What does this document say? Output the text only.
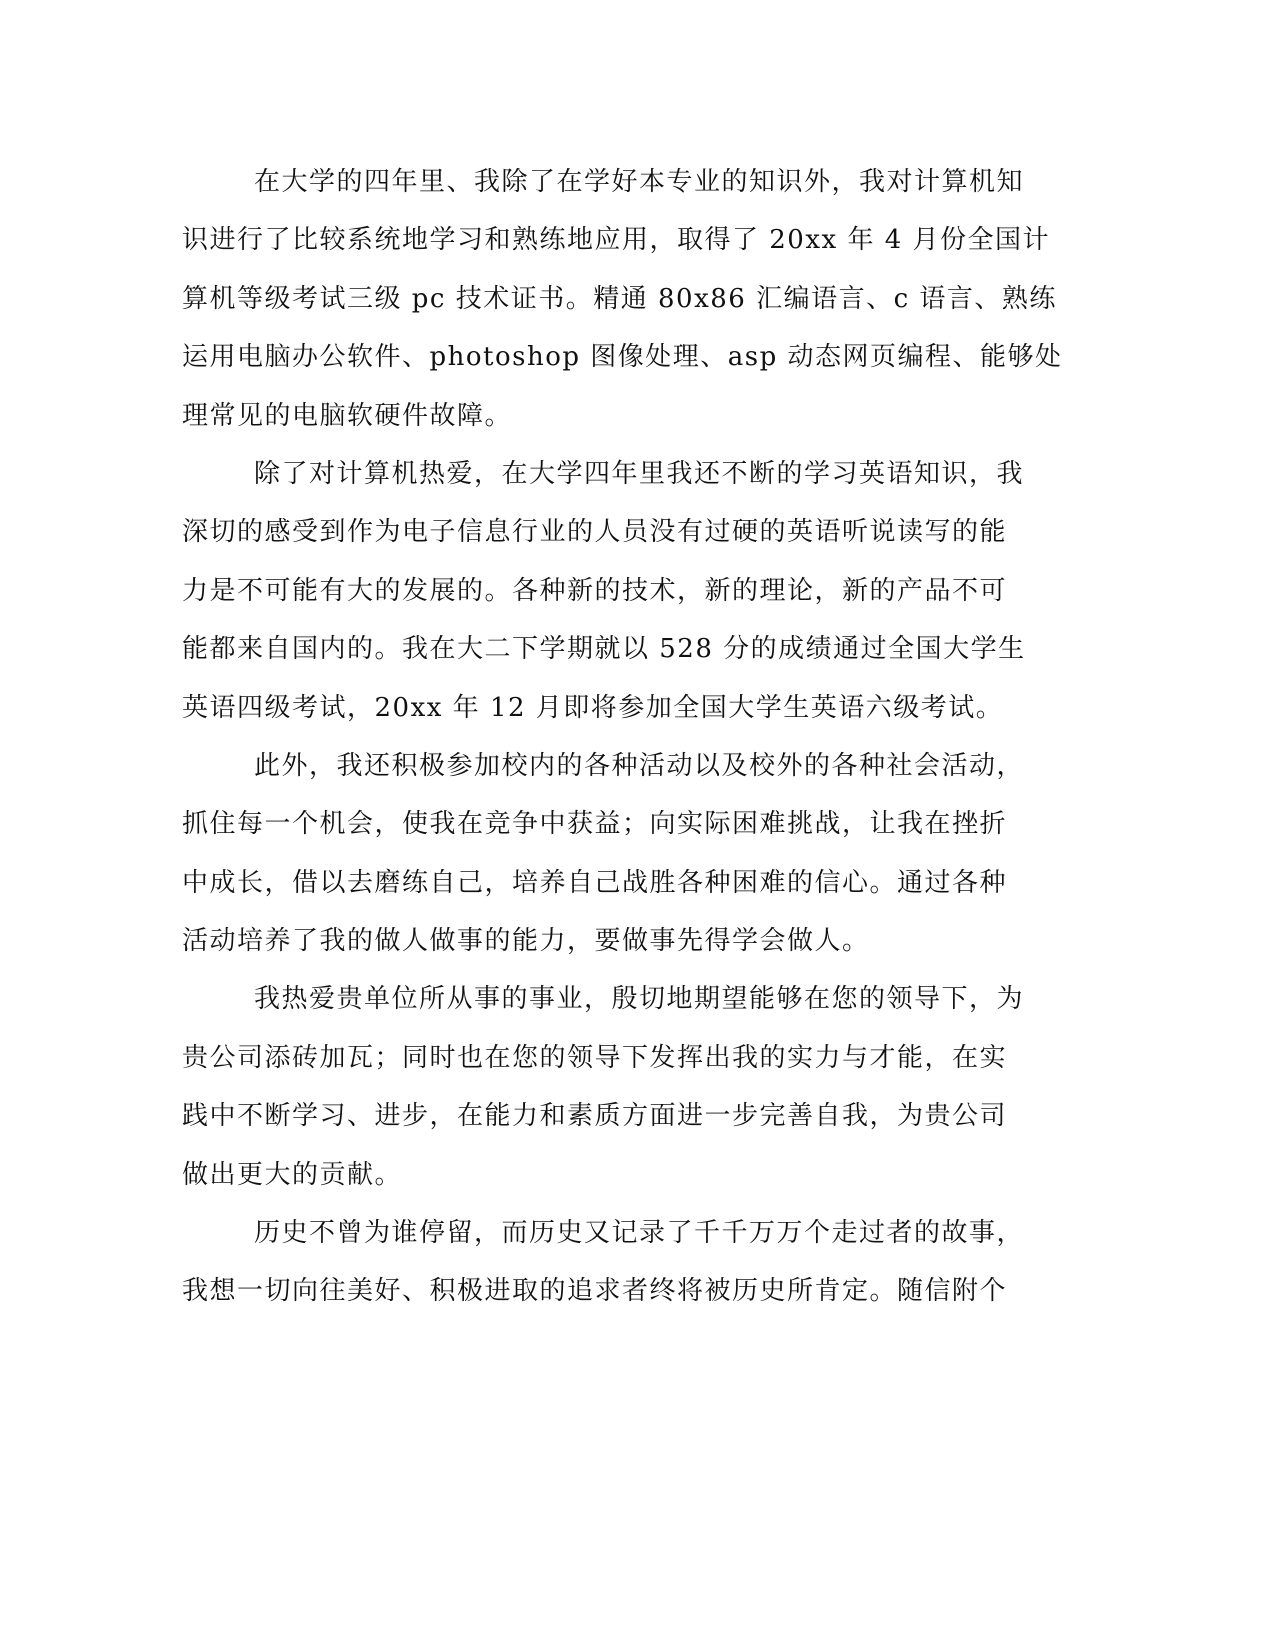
在大学的四年里、我除了在学好本专业的知识外，我对计算机知
识进行了比较系统地学习和熟练地应用，取得了 20xx 年 4 月份全国计
算机等级考试三级 pc 技术证书。精通 80x86 汇编语言、c 语言、熟练
运用电脑办公软件、photoshop 图像处理、asp 动态网页编程、能够处
理常见的电脑软硬件故障。
除了对计算机热爱，在大学四年里我还不断的学习英语知识，我
深切的感受到作为电子信息行业的人员没有过硬的英语听说读写的能
力是不可能有大的发展的。各种新的技术，新的理论，新的产品不可
能都来自国内的。我在大二下学期就以 528 分的成绩通过全国大学生
英语四级考试，20xx 年 12 月即将参加全国大学生英语六级考试。
此外，我还积极参加校内的各种活动以及校外的各种社会活动，
抓住每一个机会，使我在竞争中获益；向实际困难挑战，让我在挫折
中成长，借以去磨练自己，培养自己战胜各种困难的信心。通过各种
活动培养了我的做人做事的能力，要做事先得学会做人。
我热爱贵单位所从事的事业，殷切地期望能够在您的领导下，为
贵公司添砖加瓦；同时也在您的领导下发挥出我的实力与才能，在实
践中不断学习、进步，在能力和素质方面进一步完善自我，为贵公司
做出更大的贡献。
历史不曾为谁停留，而历史又记录了千千万万个走过者的故事，
我想一切向往美好、积极进取的追求者终将被历史所肯定。随信附个
